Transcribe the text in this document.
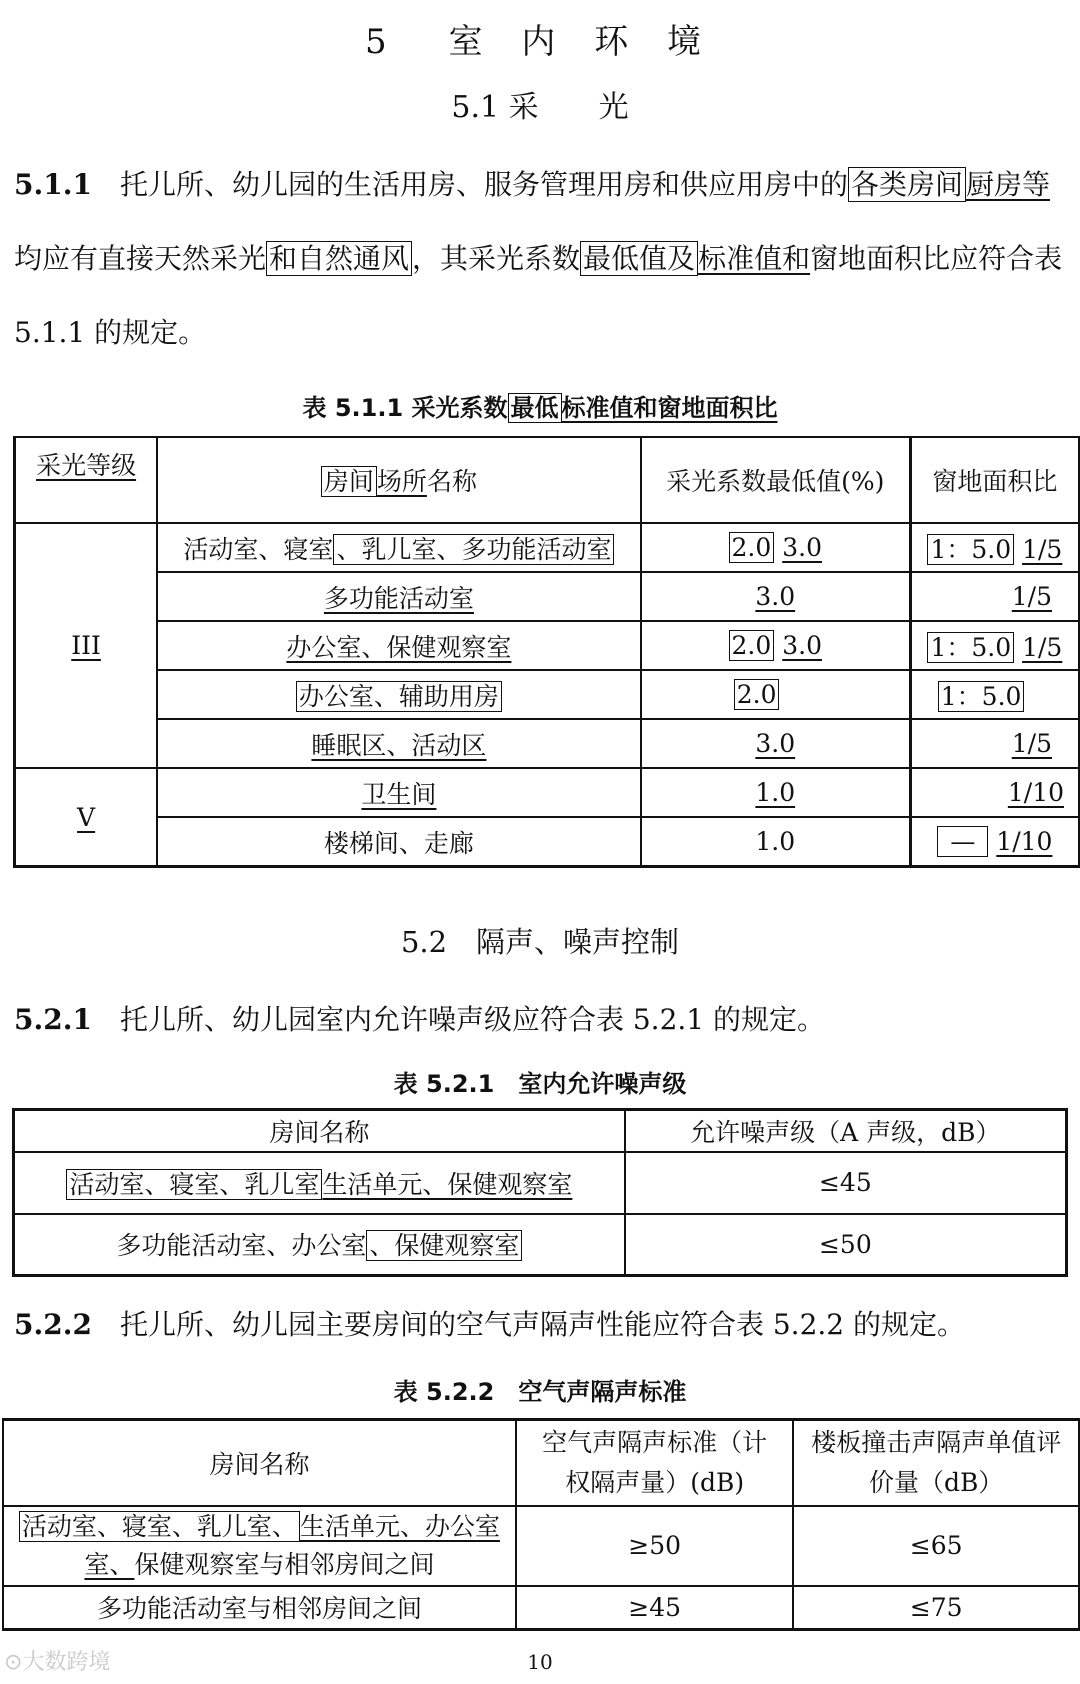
5　室 内 环 境
5.1 采　　光
5.1.1 托儿所、幼儿园的生活用房、服务管理用房和供应用房中的 各类房间 厨房等均应有直接天然采光 和自然通风 ，其采光系数 最低值及 标准值和窗地面积比应符合表 5.1.1 的规定。
表 5.1.1 采光系数 最低 标准值和窗地面积比
采光等级	房间 场所名称	采光系数最低值(%)	窗地面积比
III	活动室、寝室 、乳儿室、多功能活动室	2.0 3.0	1：5.0 1/5
	多功能活动室	3.0	1/5
	办公室、保健观察室	2.0 3.0	1：5.0 1/5
	办公室、辅助用房	2.0	1：5.0
	睡眠区、活动区	3.0	1/5
V	卫生间	1.0	1/10
	楼梯间、走廊	1.0	— 1/10
5.2　隔声、噪声控制
5.2.1 托儿所、幼儿园室内允许噪声级应符合表 5.2.1 的规定。
表 5.2.1　室内允许噪声级
房间名称	允许噪声级（A 声级，dB）
活动室、寝室、乳儿室 生活单元、保健观察室	≤45
多功能活动室、办公室 、保健观察室	≤50
5.2.2 托儿所、幼儿园主要房间的空气声隔声性能应符合表 5.2.2 的规定。
表 5.2.2　空气声隔声标准
房间名称	空气声隔声标准（计权隔声量）(dB)	楼板撞击声隔声单值评价量（dB）
活动室、寝室、乳儿室、 生活单元、办公室
室、保健观察室与相邻房间之间	≥50	≤65
多功能活动室与相邻房间之间	≥45	≤75
⊙大数跨境	10
